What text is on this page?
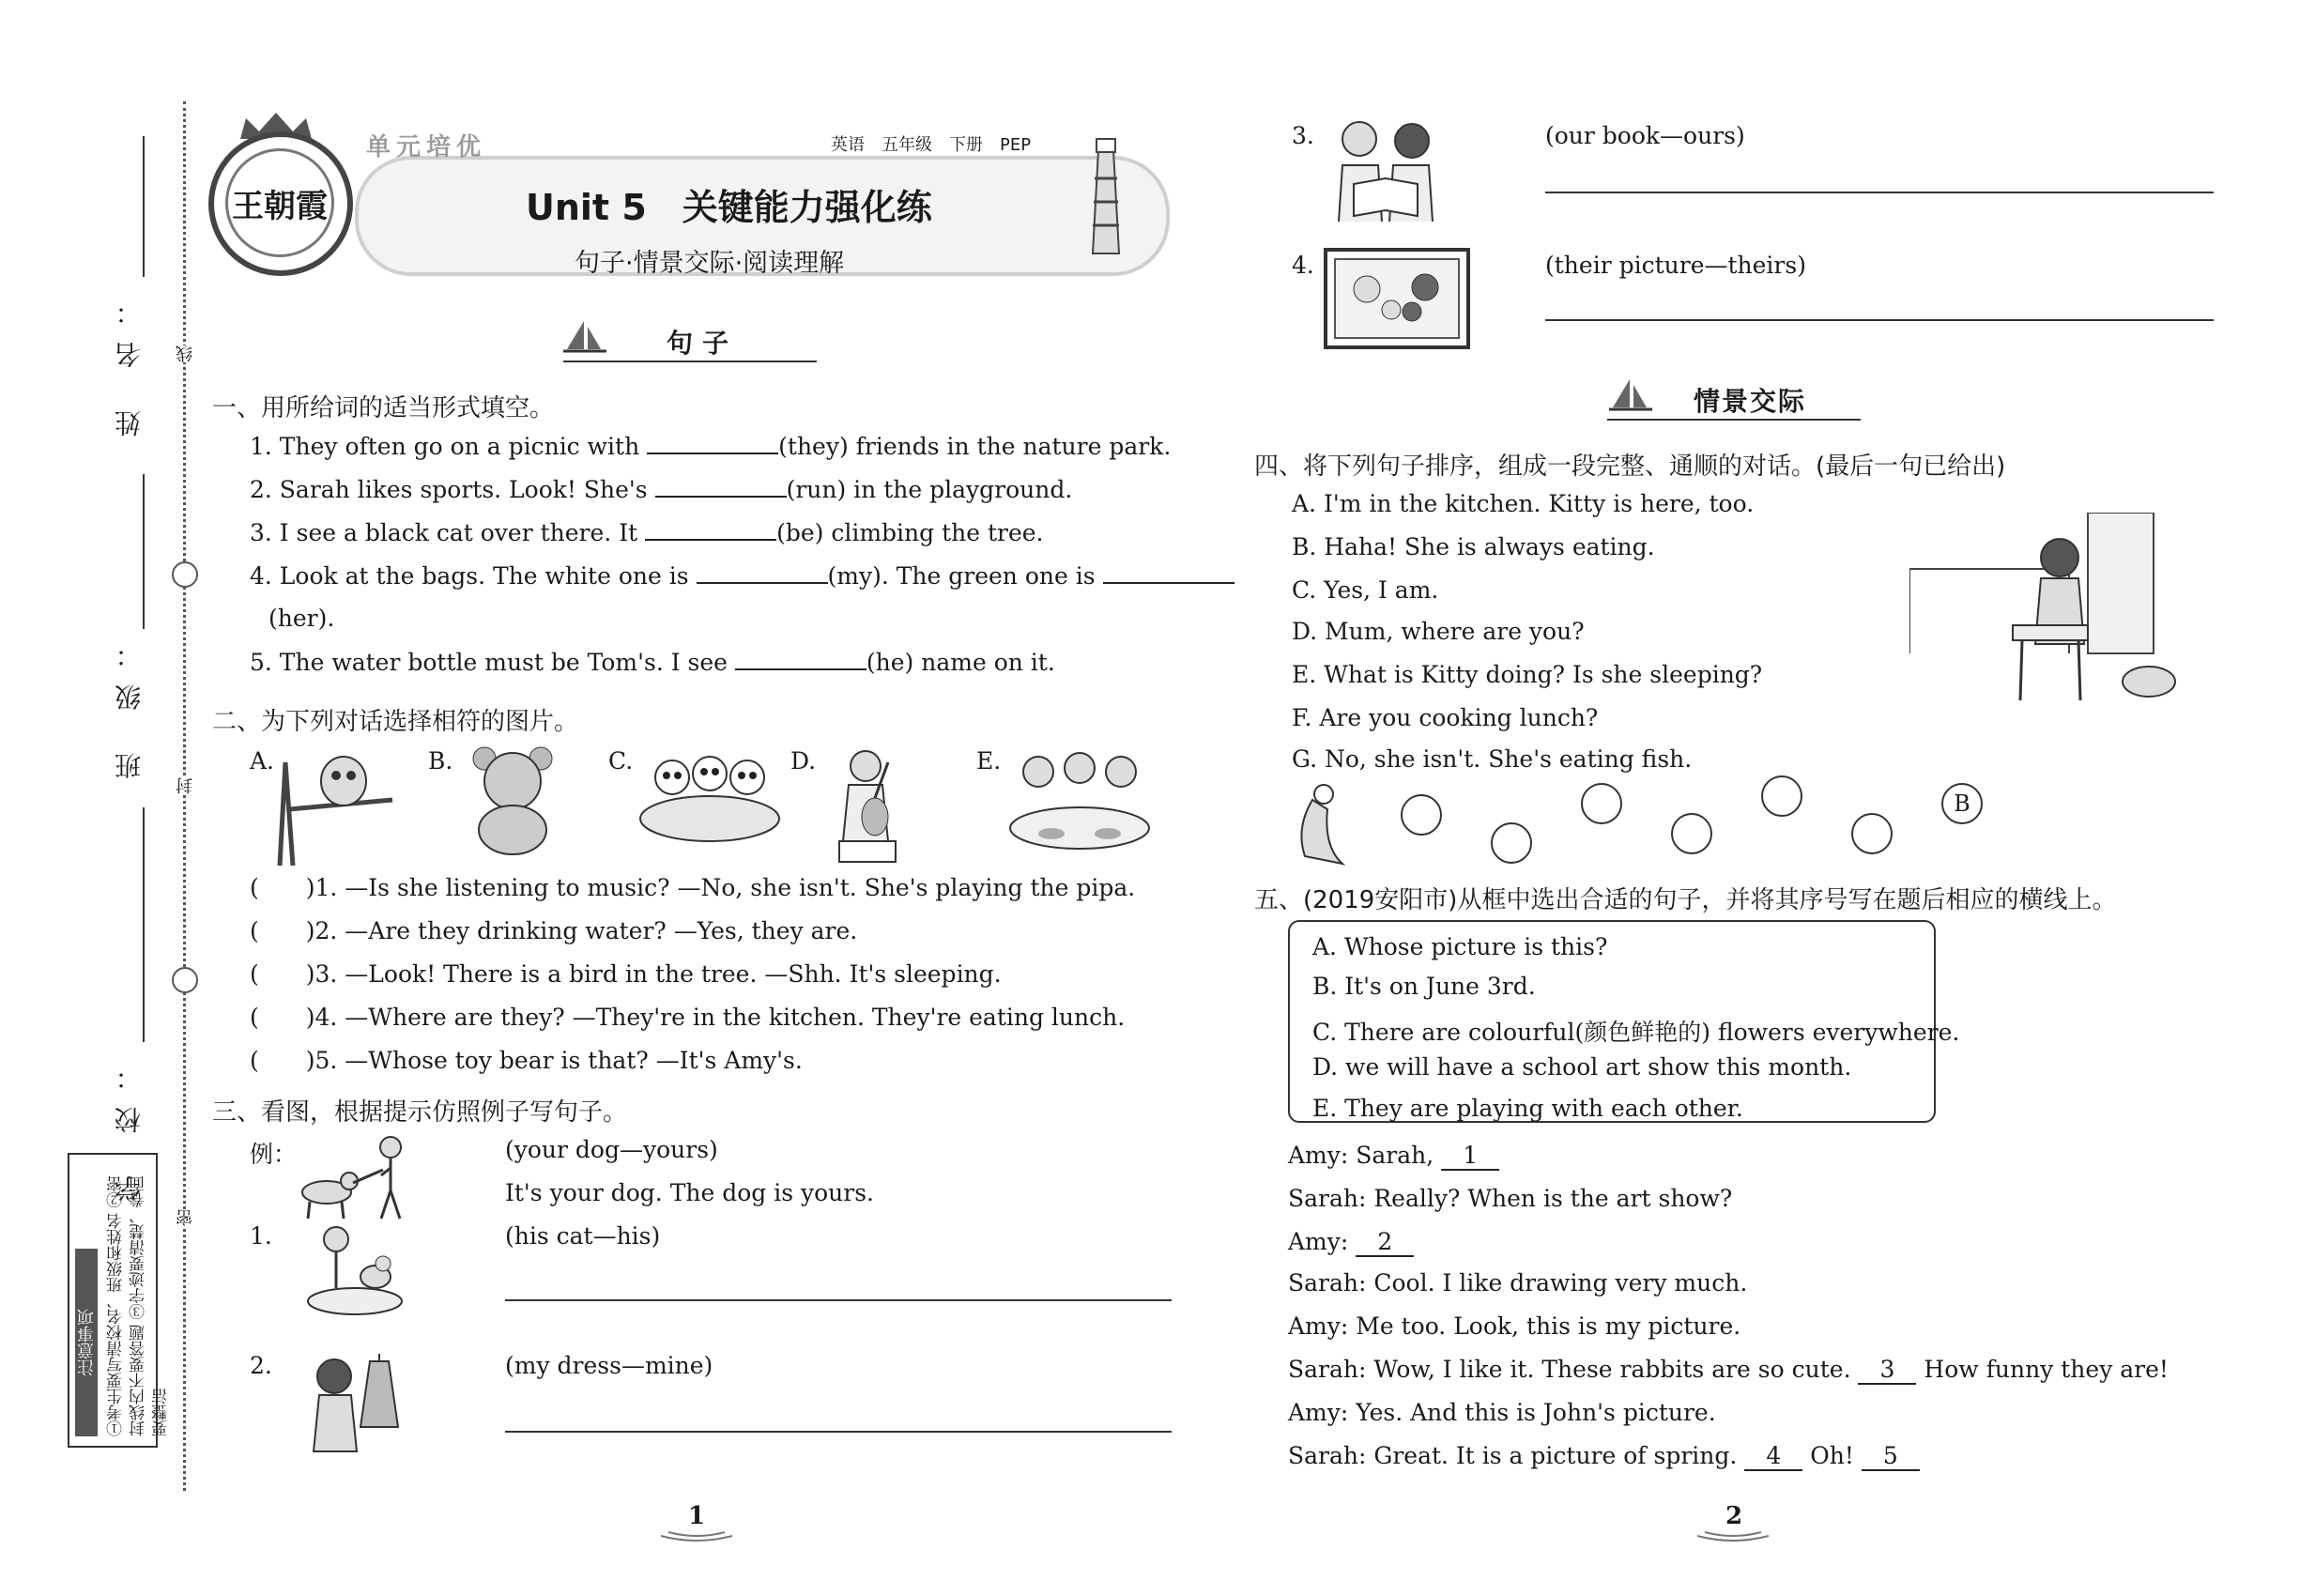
线
封
密
姓 名：
班 级：
学 校：
注意事项 ①考生要写清校名、班级和姓名 ②密封线内不要答题 ③字迹要清楚、卷面要整洁
王朝霞
单元培优	英语　五年级　下册　PEP
Unit 5　关键能力强化练
句子·情景交际·阅读理解
句子
一、用所给词的适当形式填空。
1. They often go on a picnic with	(they) friends in the nature park.
2. Sarah likes sports. Look! She's	(run) in the playground.
3. I see a black cat over there. It	(be) climbing the tree.
4. Look at the bags. The white one is	(my). The green one is
(her).
5. The water bottle must be Tom's. I see	(he) name on it.
二、为下列对话选择相符的图片。
A.	B.	C.	D.	E.
(　　)1. —Is she listening to music? —No, she isn't. She's playing the pipa.
(　　)2. —Are they drinking water? —Yes, they are.
(　　)3. —Look! There is a bird in the tree. —Shh. It's sleeping.
(　　)4. —Where are they? —They're in the kitchen. They're eating lunch.
(　　)5. —Whose toy bear is that? —It's Amy's.
三、看图，根据提示仿照例子写句子。
例：	(your dog—yours)
It's your dog. The dog is yours.
1.	(his cat—his)
2.	(my dress—mine)
1
3.	(our book—ours)
4.	(their picture—theirs)
情景交际
四、将下列句子排序，组成一段完整、通顺的对话。(最后一句已给出)
A. I'm in the kitchen. Kitty is here, too.
B. Haha! She is always eating.
C. Yes, I am.
D. Mum, where are you?
E. What is Kitty doing? Is she sleeping?
F. Are you cooking lunch?
G. No, she isn't. She's eating fish.
B
五、(2019安阳市)从框中选出合适的句子，并将其序号写在题后相应的横线上。
A. Whose picture is this?
B. It's on June 3rd.
C. There are colourful(颜色鲜艳的) flowers everywhere.
D. we will have a school art show this month.
E. They are playing with each other.
Amy: Sarah, 1
Sarah: Really? When is the art show?
Amy: 2
Sarah: Cool. I like drawing very much.
Amy: Me too. Look, this is my picture.
Sarah: Wow, I like it. These rabbits are so cute. 3 How funny they are!
Amy: Yes. And this is John's picture.
Sarah: Great. It is a picture of spring. 4 Oh! 5
2
